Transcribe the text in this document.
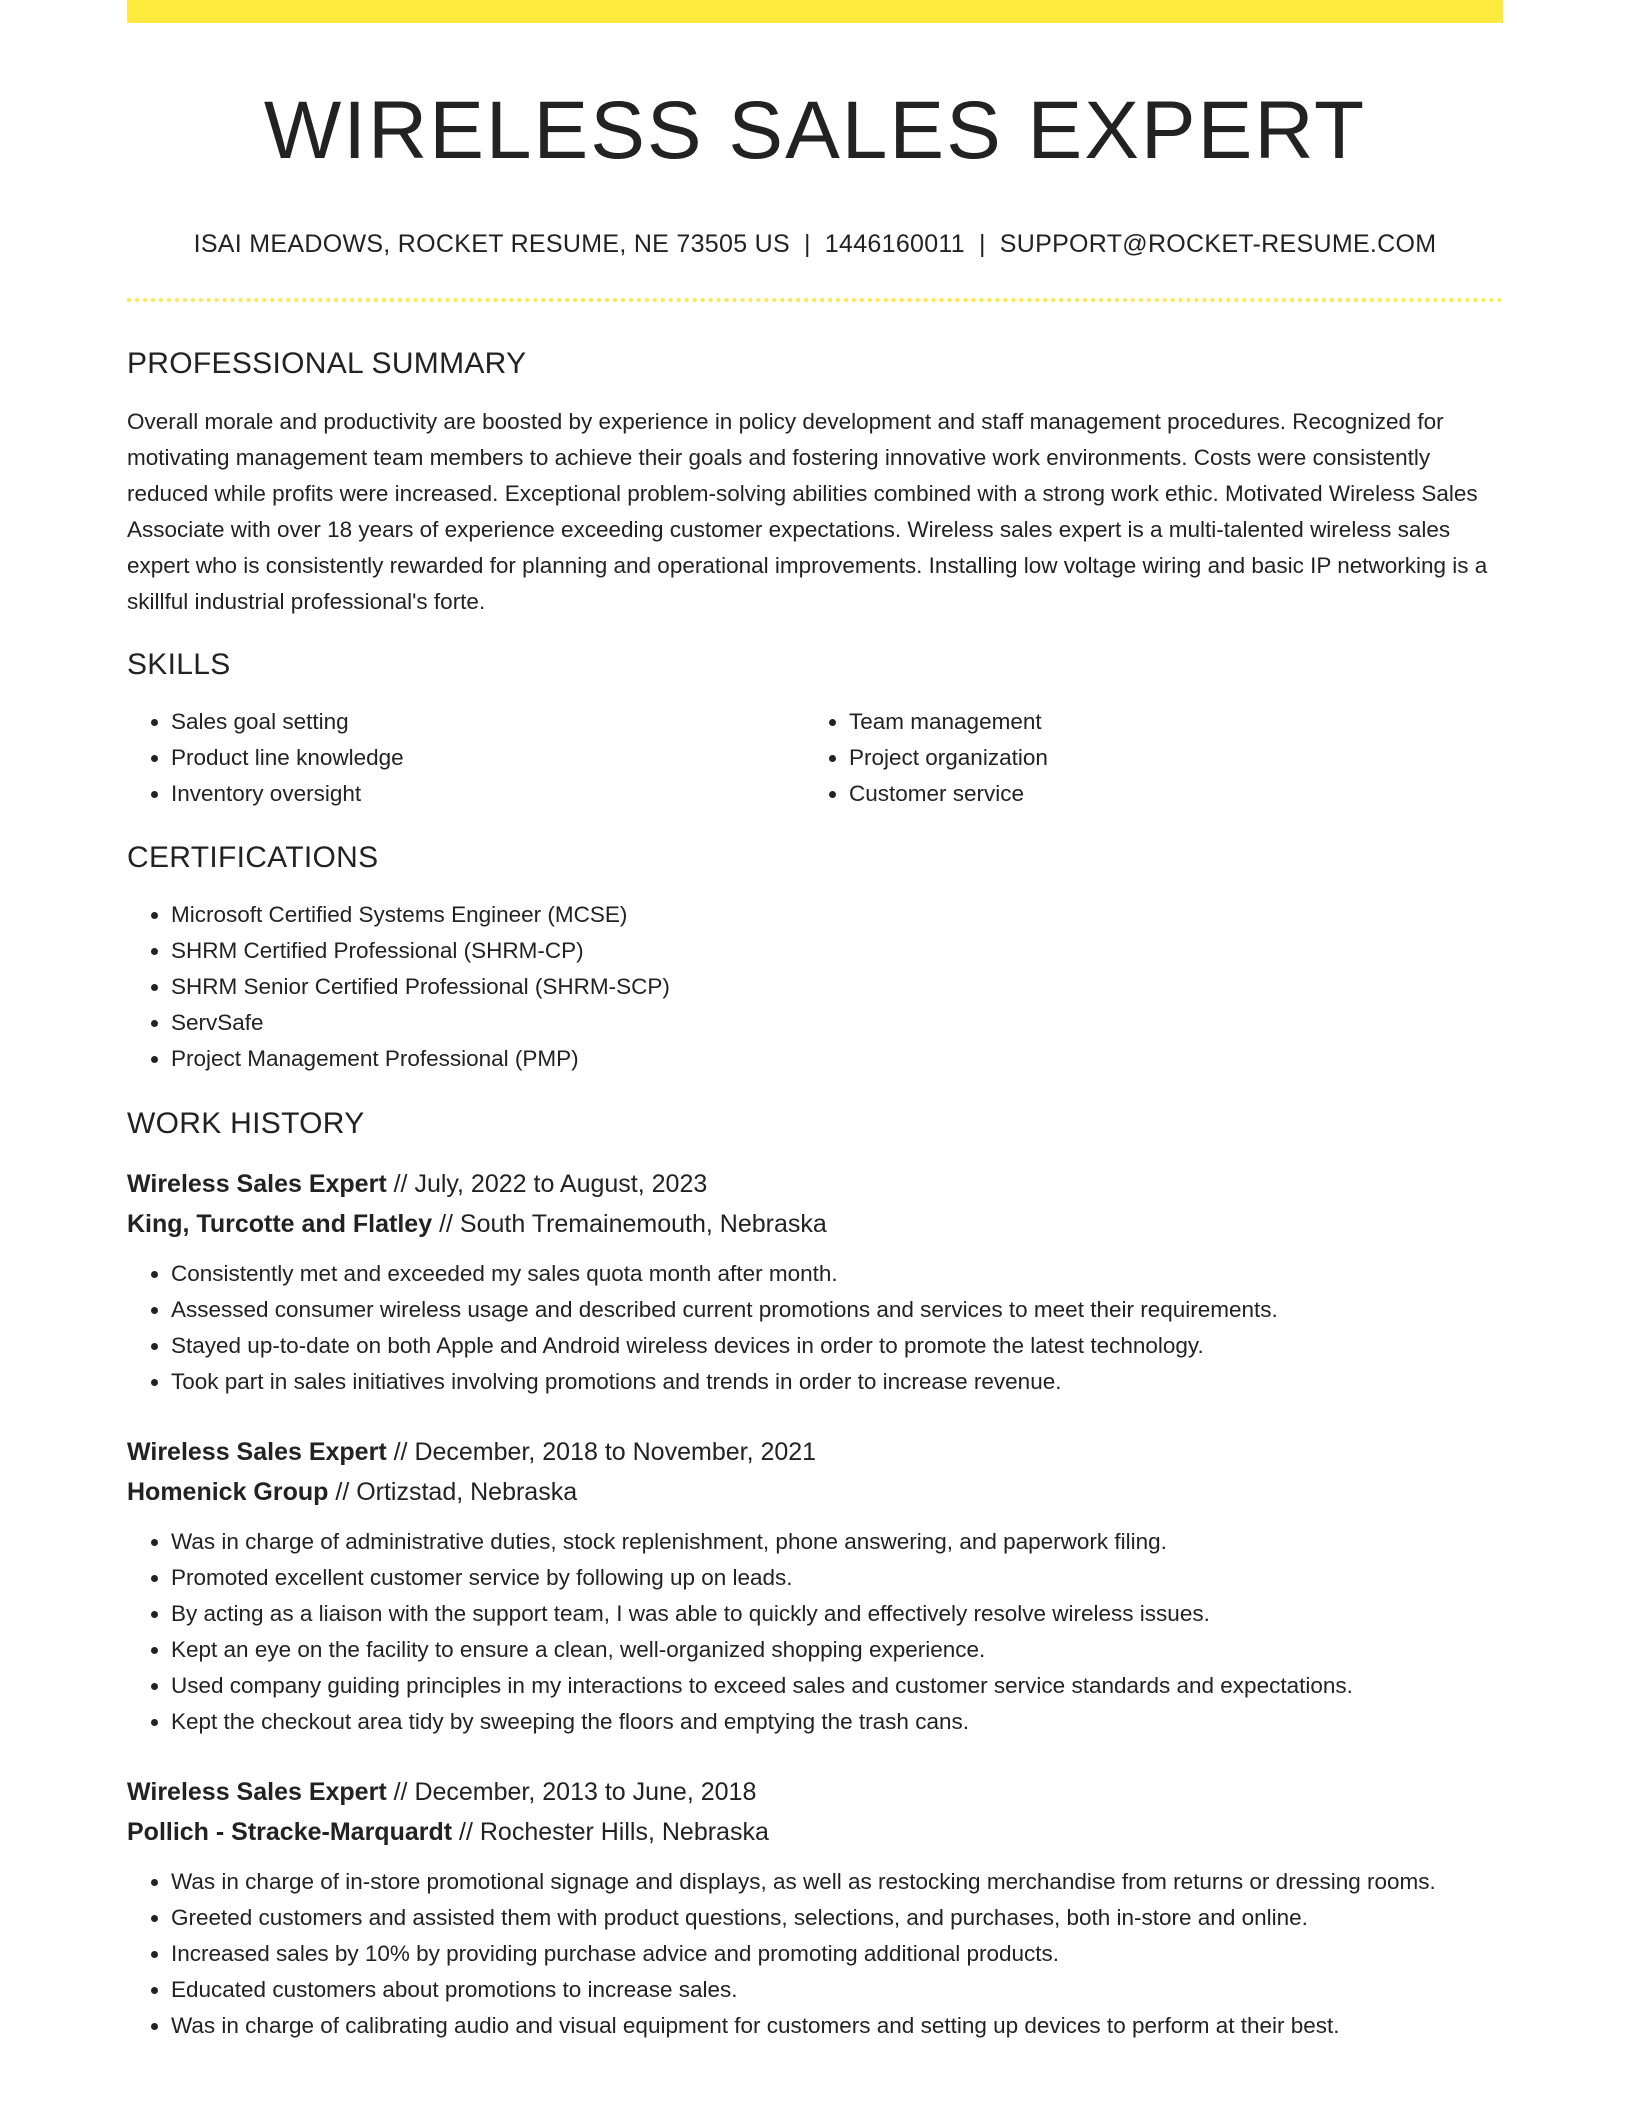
WIRELESS SALES EXPERT
ISAI MEADOWS, ROCKET RESUME, NE 73505 US | 1446160011 | SUPPORT@ROCKET-RESUME.COM
PROFESSIONAL SUMMARY

Overall morale and productivity are boosted by experience in policy development and staff management procedures. Recognized for motivating management team members to achieve their goals and fostering innovative work environments. Costs were consistently reduced while profits were increased. Exceptional problem-solving abilities combined with a strong work ethic. Motivated Wireless Sales Associate with over 18 years of experience exceeding customer expectations. Wireless sales expert is a multi-talented wireless sales expert who is consistently rewarded for planning and operational improvements. Installing low voltage wiring and basic IP networking is a skillful industrial professional's forte.

SKILLS
• Sales goal setting
• Product line knowledge
• Inventory oversight
• Team management
• Project organization
• Customer service
CERTIFICATIONS
• Microsoft Certified Systems Engineer (MCSE)
• SHRM Certified Professional (SHRM-CP)
• SHRM Senior Certified Professional (SHRM-SCP)
• ServSafe
• Project Management Professional (PMP)
WORK HISTORY
Wireless Sales Expert // July, 2022 to August, 2023
King, Turcotte and Flatley // South Tremainemouth, Nebraska
• Consistently met and exceeded my sales quota month after month.
• Assessed consumer wireless usage and described current promotions and services to meet their requirements.
• Stayed up-to-date on both Apple and Android wireless devices in order to promote the latest technology.
• Took part in sales initiatives involving promotions and trends in order to increase revenue.
Wireless Sales Expert // December, 2018 to November, 2021
Homenick Group // Ortizstad, Nebraska
• Was in charge of administrative duties, stock replenishment, phone answering, and paperwork filing.
• Promoted excellent customer service by following up on leads.
• By acting as a liaison with the support team, I was able to quickly and effectively resolve wireless issues.
• Kept an eye on the facility to ensure a clean, well-organized shopping experience.
• Used company guiding principles in my interactions to exceed sales and customer service standards and expectations.
• Kept the checkout area tidy by sweeping the floors and emptying the trash cans.
Wireless Sales Expert // December, 2013 to June, 2018
Pollich - Stracke-Marquardt // Rochester Hills, Nebraska
• Was in charge of in-store promotional signage and displays, as well as restocking merchandise from returns or dressing rooms.
• Greeted customers and assisted them with product questions, selections, and purchases, both in-store and online.
• Increased sales by 10% by providing purchase advice and promoting additional products.
• Educated customers about promotions to increase sales.
• Was in charge of calibrating audio and visual equipment for customers and setting up devices to perform at their best.
